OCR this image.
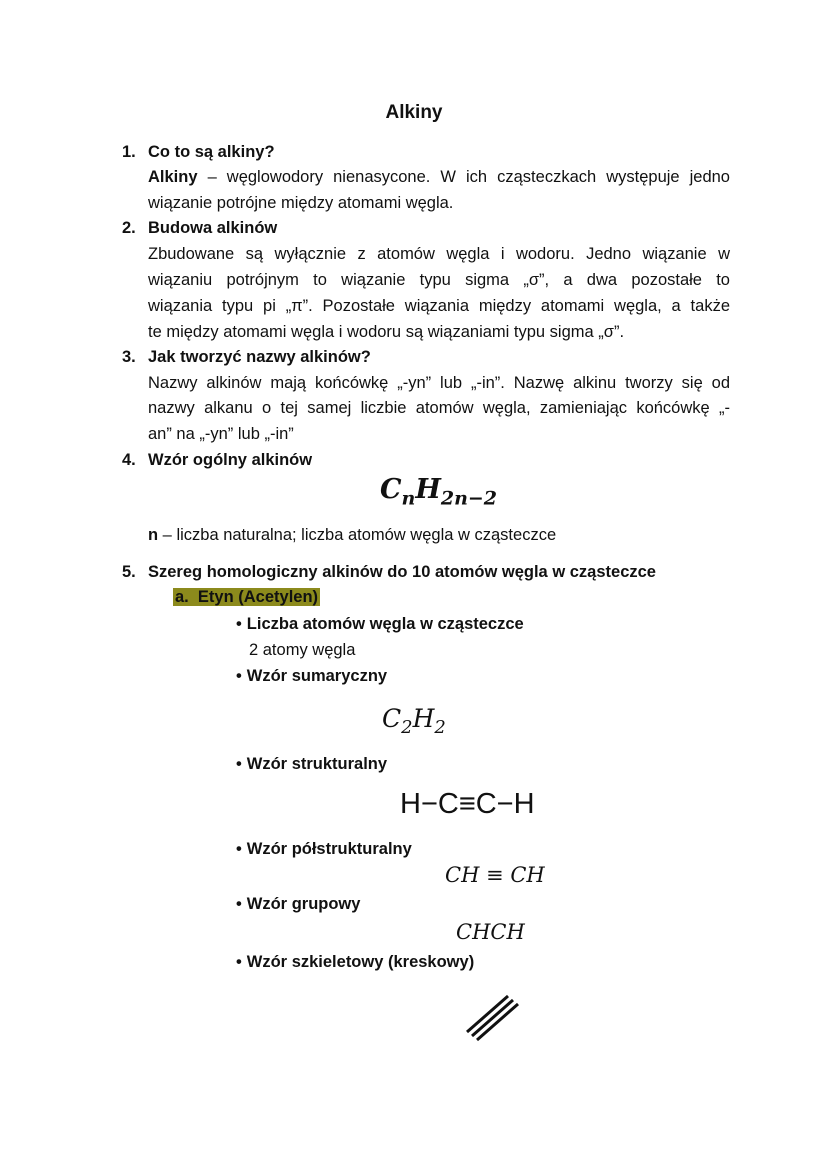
Alkiny
1. Co to są alkiny?
Alkiny – węglowodory nienasycone. W ich cząsteczkach występuje jedno
wiązanie potrójne między atomami węgla.
2. Budowa alkinów
Zbudowane są wyłącznie z atomów węgla i wodoru. Jedno wiązanie w
wiązaniu potrójnym to wiązanie typu sigma „σ”, a dwa pozostałe to
wiązania typu pi „π”. Pozostałe wiązania między atomami węgla, a także
te między atomami węgla i wodoru są wiązaniami typu sigma „σ”.
3. Jak tworzyć nazwy alkinów?
Nazwy alkinów mają końcówkę „-yn” lub „-in”. Nazwę alkinu tworzy się od
nazwy alkanu o tej samej liczbie atomów węgla, zamieniając końcówkę „-
an” na „-yn” lub „-in”
4. Wzór ogólny alkinów
$C_nH_{2n-2}$
n – liczba naturalna; liczba atomów węgla w cząsteczce
5. Szereg homologiczny alkinów do 10 atomów węgla w cząsteczce
a.  Etyn (Acetylen)
• Liczba atomów węgla w cząsteczce
2 atomy węgla
• Wzór sumaryczny
$C_2H_2$
• Wzór strukturalny
H−C≡C−H
• Wzór półstrukturalny
CH ≡ CH
• Wzór grupowy
CHCH
• Wzór szkieletowy (kreskowy)
